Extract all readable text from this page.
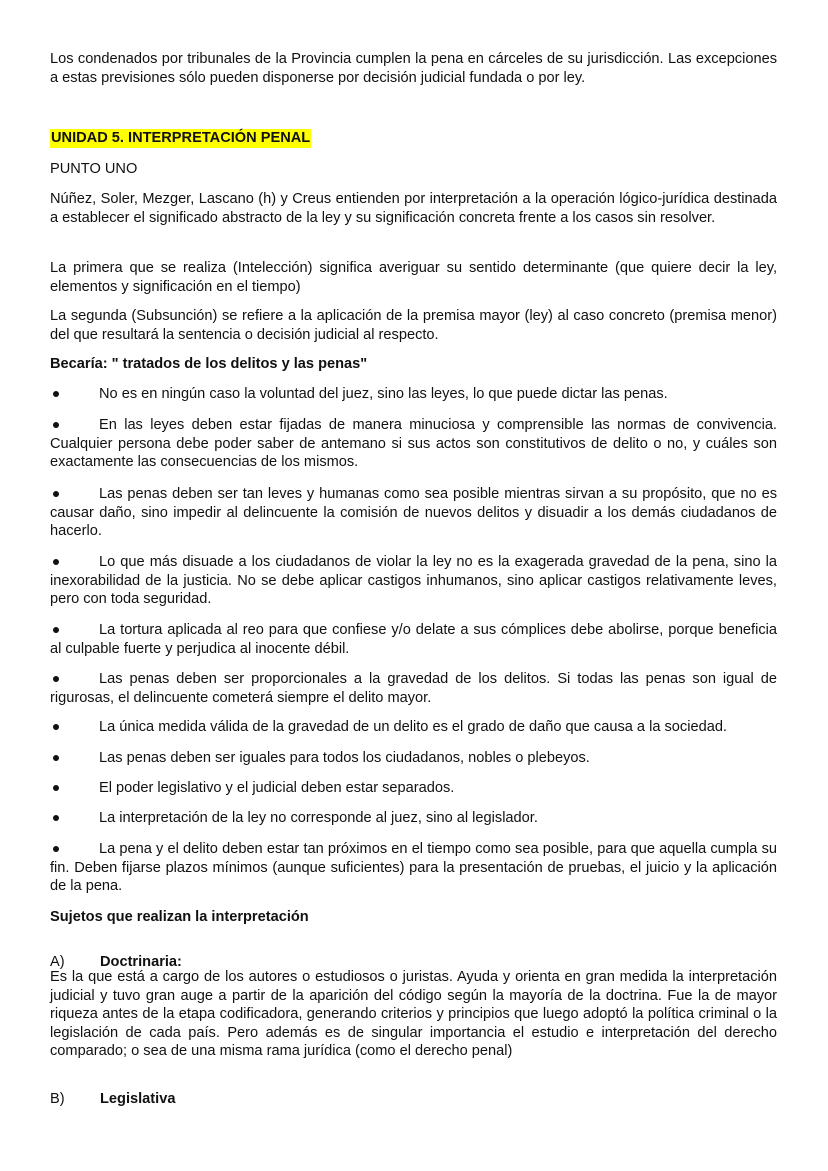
Los condenados por tribunales de la Provincia cumplen la pena en cárceles de su jurisdicción. Las excepciones a estas previsiones sólo pueden disponerse por decisión judicial fundada o por ley.

UNIDAD 5. INTERPRETACIÓN PENAL

PUNTO UNO

Núñez, Soler, Mezger, Lascano (h) y Creus entienden por interpretación a la operación lógico-jurídica destinada a establecer el significado abstracto de la ley y su significación concreta frente a los casos sin resolver.

La primera que se realiza (Intelección) significa averiguar su sentido determinante (que quiere decir la ley, elementos y significación en el tiempo)

La segunda (Subsunción) se refiere a la aplicación de la premisa mayor (ley) al caso concreto (premisa menor) del que resultará la sentencia o decisión judicial al respecto.

Becaría: " tratados de los delitos y las penas"

No es en ningún caso la voluntad del juez, sino las leyes, lo que puede dictar las penas.

En las leyes deben estar fijadas de manera minuciosa y comprensible las normas de convivencia. Cualquier persona debe poder saber de antemano si sus actos son constitutivos de delito o no, y cuáles son exactamente las consecuencias de los mismos.

Las penas deben ser tan leves y humanas como sea posible mientras sirvan a su propósito, que no es causar daño, sino impedir al delincuente la comisión de nuevos delitos y disuadir a los demás ciudadanos de hacerlo.

Lo que más disuade a los ciudadanos de violar la ley no es la exagerada gravedad de la pena, sino la inexorabilidad de la justicia. No se debe aplicar castigos inhumanos, sino aplicar castigos relativamente leves, pero con toda seguridad.

La tortura aplicada al reo para que confiese y/o delate a sus cómplices debe abolirse, porque beneficia al culpable fuerte y perjudica al inocente débil.

Las penas deben ser proporcionales a la gravedad de los delitos. Si todas las penas son igual de rigurosas, el delincuente cometerá siempre el delito mayor.

La única medida válida de la gravedad de un delito es el grado de daño que causa a la sociedad.

Las penas deben ser iguales para todos los ciudadanos, nobles o plebeyos.

El poder legislativo y el judicial deben estar separados.

La interpretación de la ley no corresponde al juez, sino al legislador.

La pena y el delito deben estar tan próximos en el tiempo como sea posible, para que aquella cumpla su fin. Deben fijarse plazos mínimos (aunque suficientes) para la presentación de pruebas, el juicio y la aplicación de la pena.

Sujetos que realizan la interpretación

A) Doctrinaria:

Es la que está a cargo de los autores o estudiosos o juristas. Ayuda y orienta en gran medida la interpretación judicial y tuvo gran auge a partir de la aparición del código según la mayoría de la doctrina. Fue la de mayor riqueza antes de la etapa codificadora, generando criterios y principios que luego adoptó la política criminal o la legislación de cada país. Pero además es de singular importancia el estudio e interpretación del derecho comparado; o sea de una misma rama jurídica (como el derecho penal)

B) Legislativa
